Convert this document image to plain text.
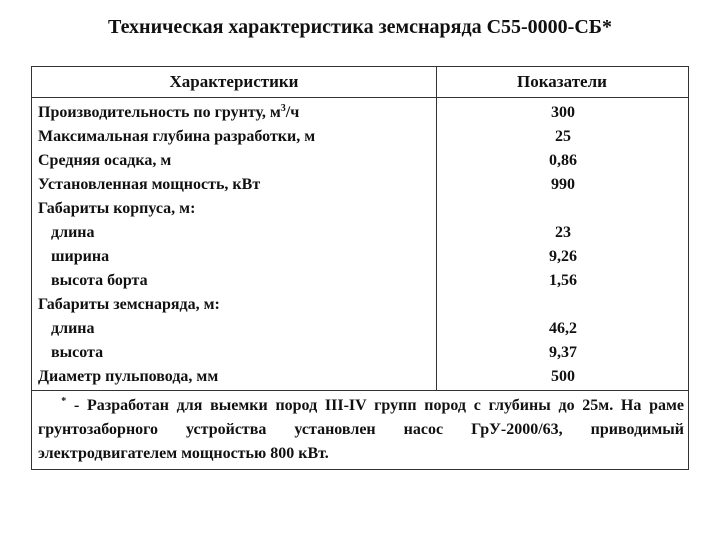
Техническая характеристика земснаряда С55-0000-СБ*
Характеристики	Показатели
Производительность по грунту, $м^3/ч$
Максимальная глубина разработки, м
Средняя осадка, м
Установленная мощность, кВт
Габариты корпуса, м:
длина
ширина
высота борта
Габариты земснаряда, м:
длина
высота
Диаметр пульповода, мм
300
25
0,86
990
23
9,26
1,56
46,2
9,37
500
* - Разработан для выемки пород III-IV групп пород с глубины до 25м. На раме грунтозаборного устройства установлен насос ГрУ-2000/63, приводимый электродвигателем мощностью 800 кВт.
